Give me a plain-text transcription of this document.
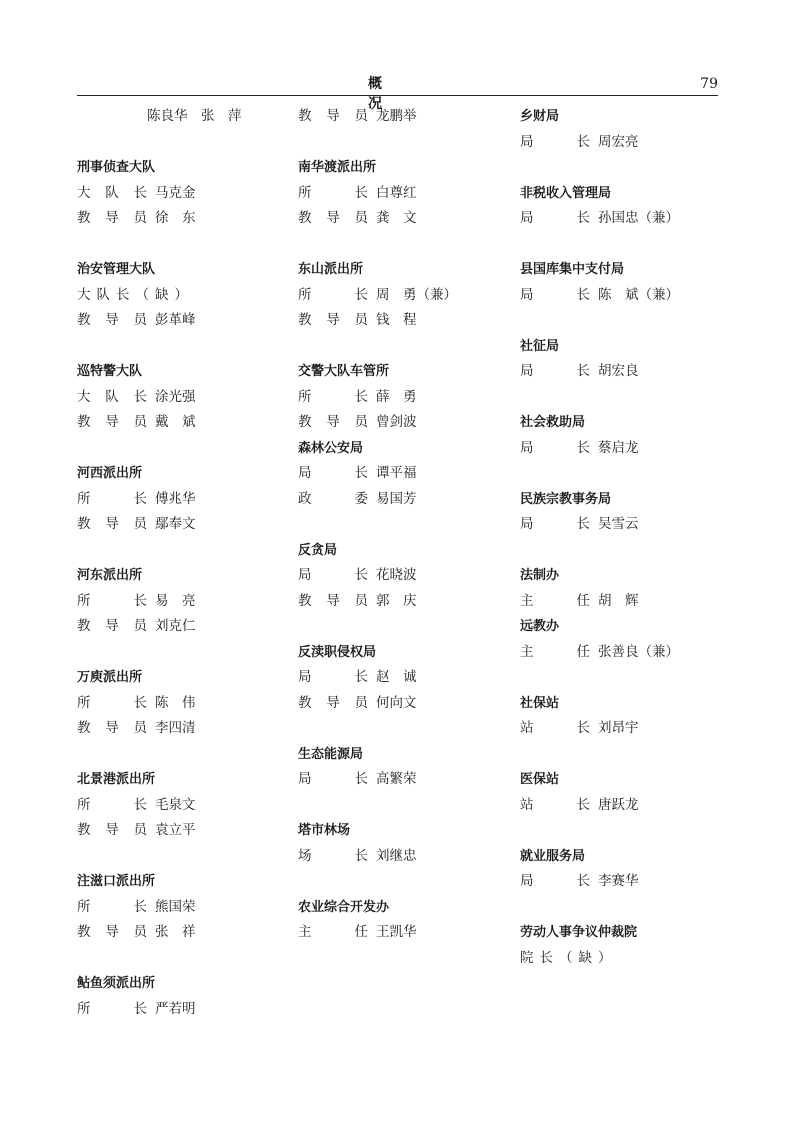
概况
79
陈良华　张　萍
刑事侦查大队
大队长 马克金
教导员 徐　东
治安管理大队
大队长（缺）
教导员 彭革峰
巡特警大队
大队长 涂光强
教导员 戴　斌
河西派出所
所长 傅兆华
教导员 鄢奉文
河东派出所
所长 易　亮
教导员 刘克仁
万庾派出所
所长 陈　伟
教导员 李四清
北景港派出所
所长 毛泉文
教导员 袁立平
注滋口派出所
所长 熊国荣
教导员 张　祥
鲇鱼须派出所
所长 严若明
教导员 龙鹏举
南华渡派出所
所长 白尊红
教导员 龚　文
东山派出所
所长 周　勇（兼）
教导员 钱　程
交警大队车管所
所长 薛　勇
教导员 曾剑波
森林公安局
局长 谭平福
政委 易国芳
反贪局
局长 花晓波
教导员 郭　庆
反渎职侵权局
局长 赵　诚
教导员 何向文
生态能源局
局长 高繁荣
塔市林场
场长 刘继忠
农业综合开发办
主任 王凯华
乡财局
局长 周宏亮
非税收入管理局
局长 孙国忠（兼）
县国库集中支付局
局长 陈　斌（兼）
社征局
局长 胡宏良
社会救助局
局长 蔡启龙
民族宗教事务局
局长 吴雪云
法制办
主任 胡　辉
远教办
主任 张善良（兼）
社保站
站长 刘昂宇
医保站
站长 唐跃龙
就业服务局
局长 李赛华
劳动人事争议仲裁院
院长（缺）
